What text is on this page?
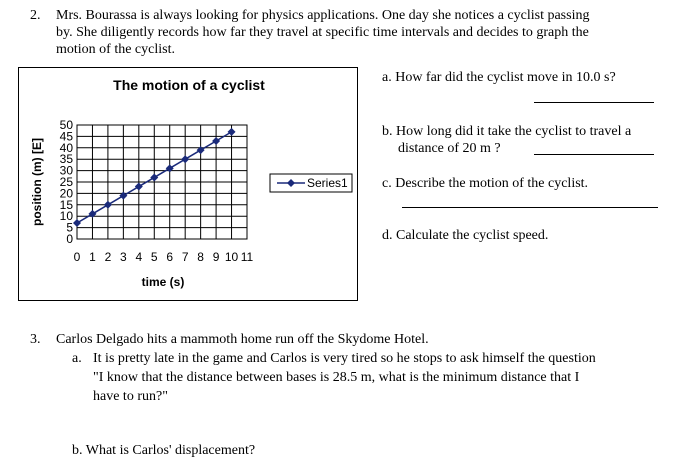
2. Mrs. Bourassa is always looking for physics applications. One day she notices a cyclist passing
by. She diligently records how far they travel at specific time intervals and decides to graph the
motion of the cyclist.
The motion of a cyclist
0 1 2 3 4 5 6 7 8 9 10 11
0
5
10
15
20
25
30
35
40
45
50
time (s)
position (m) [E]	Series1
a. How far did the cyclist move in 10.0 s?
b. How long did it take the cyclist to travel a
distance of 20 m ?
c. Describe the motion of the cyclist.
d. Calculate the cyclist speed.
3. Carlos Delgado hits a mammoth home run off the Skydome Hotel.
a. It is pretty late in the game and Carlos is very tired so he stops to ask himself the question
"I know that the distance between bases is 28.5 m, what is the minimum distance that I
have to run?"
b. What is Carlos' displacement?
